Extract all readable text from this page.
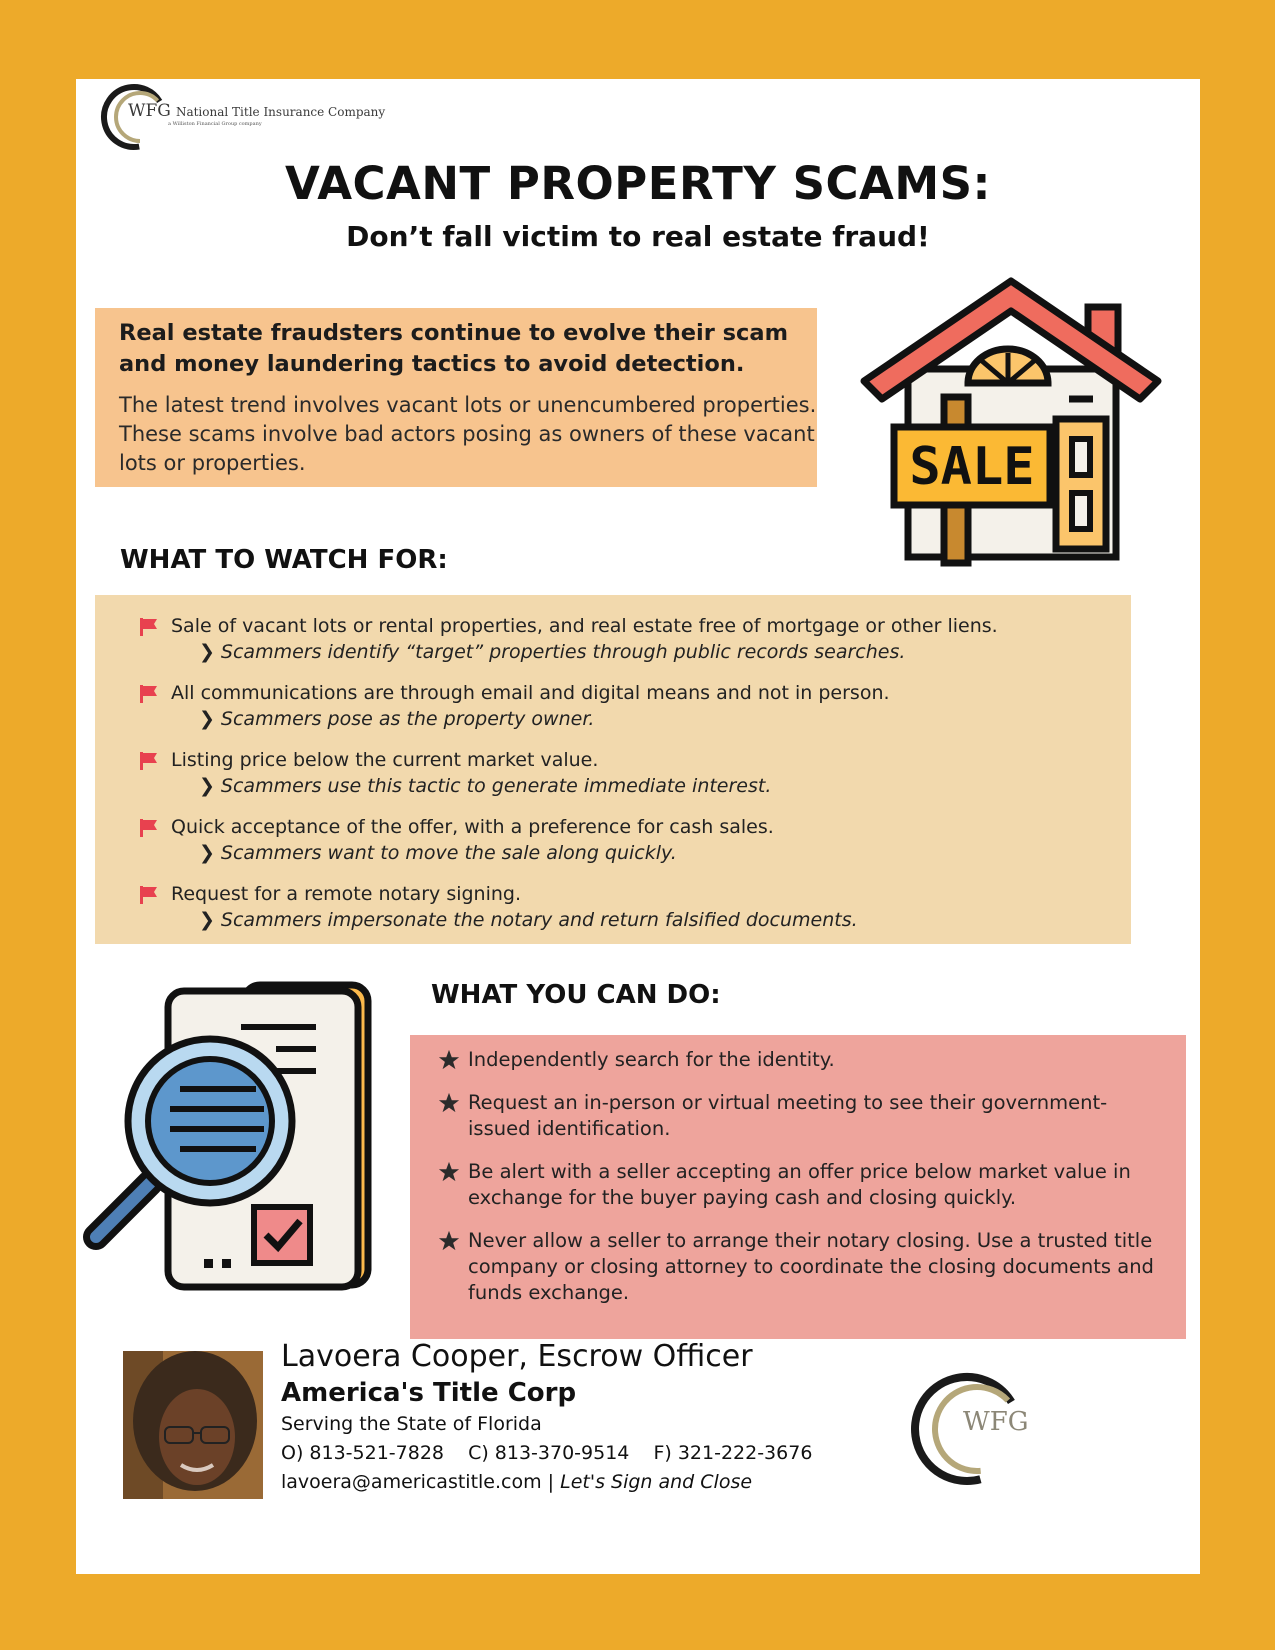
WFG National Title Insurance Company
a Williston Financial Group company
VACANT PROPERTY SCAMS:
Don’t fall victim to real estate fraud!
Real estate fraudsters continue to evolve their scam and money laundering tactics to avoid detection.
The latest trend involves vacant lots or unencumbered properties. These scams involve bad actors posing as owners of these vacant lots or properties.	SALE
WHAT TO WATCH FOR:
Sale of vacant lots or rental properties, and real estate free of mortgage or other liens.
❯ Scammers identify “target” properties through public records searches.
All communications are through email and digital means and not in person.
❯ Scammers pose as the property owner.
Listing price below the current market value.
❯ Scammers use this tactic to generate immediate interest.
Quick acceptance of the offer, with a preference for cash sales.
❯ Scammers want to move the sale along quickly.
Request for a remote notary signing.
❯ Scammers impersonate the notary and return falsified documents.
WHAT YOU CAN DO:
Independently search for the identity.
Request an in-person or virtual meeting to see their government-issued identification.
Be alert with a seller accepting an offer price below market value in exchange for the buyer paying cash and closing quickly.
Never allow a seller to arrange their notary closing. Use a trusted title company or closing attorney to coordinate the closing documents and funds exchange.
Lavoera Cooper, Escrow Officer
America's Title Corp
Serving the State of Florida
O) 813-521-7828 C) 813-370-9514 F) 321-222-3676
lavoera@americastitle.com | Let's Sign and Close
WFG
